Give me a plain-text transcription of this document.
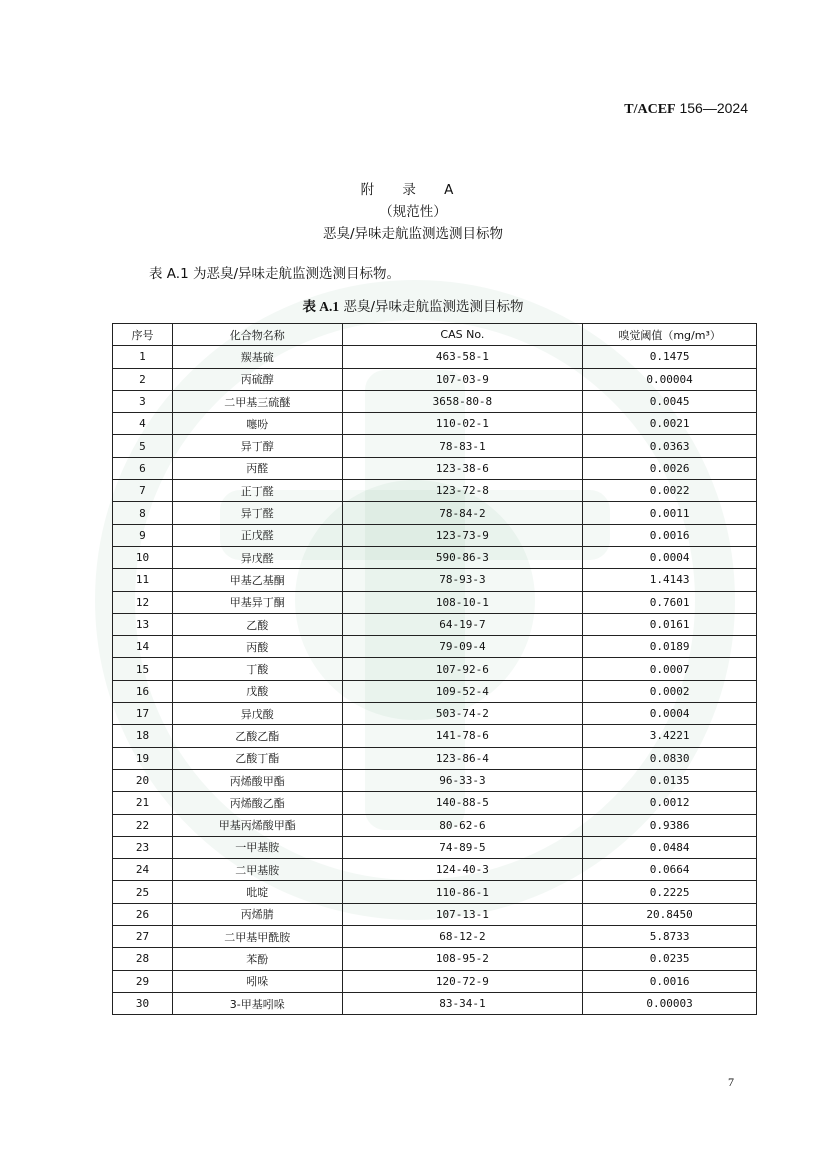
T/ACEF 156—2024
附 录 A
（规范性）
恶臭/异味走航监测选测目标物
表 A.1 为恶臭/异味走航监测选测目标物。
表 A.1 恶臭/异味走航监测选测目标物
序号	化合物名称	CAS No.	嗅觉阈值（mg/m³）
1	羰基硫	463-58-1	0.1475
2	丙硫醇	107-03-9	0.00004
3	二甲基三硫醚	3658-80-8	0.0045
4	噻吩	110-02-1	0.0021
5	异丁醇	78-83-1	0.0363
6	丙醛	123-38-6	0.0026
7	正丁醛	123-72-8	0.0022
8	异丁醛	78-84-2	0.0011
9	正戊醛	123-73-9	0.0016
10	异戊醛	590-86-3	0.0004
11	甲基乙基酮	78-93-3	1.4143
12	甲基异丁酮	108-10-1	0.7601
13	乙酸	64-19-7	0.0161
14	丙酸	79-09-4	0.0189
15	丁酸	107-92-6	0.0007
16	戊酸	109-52-4	0.0002
17	异戊酸	503-74-2	0.0004
18	乙酸乙酯	141-78-6	3.4221
19	乙酸丁酯	123-86-4	0.0830
20	丙烯酸甲酯	96-33-3	0.0135
21	丙烯酸乙酯	140-88-5	0.0012
22	甲基丙烯酸甲酯	80-62-6	0.9386
23	一甲基胺	74-89-5	0.0484
24	二甲基胺	124-40-3	0.0664
25	吡啶	110-86-1	0.2225
26	丙烯腈	107-13-1	20.8450
27	二甲基甲酰胺	68-12-2	5.8733
28	苯酚	108-95-2	0.0235
29	吲哚	120-72-9	0.0016
30	3-甲基吲哚	83-34-1	0.00003
7
